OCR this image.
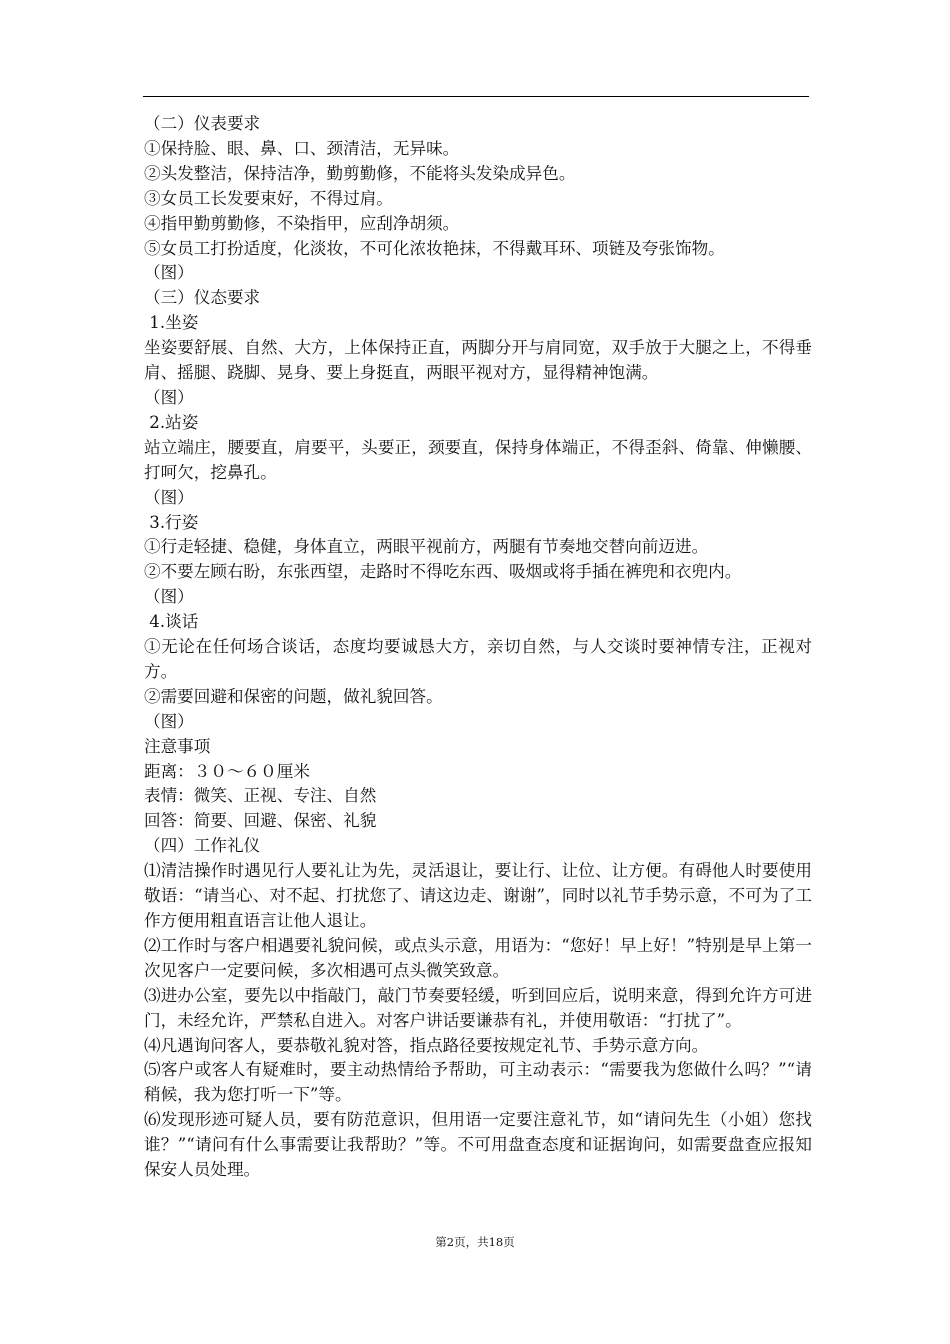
（二）仪表要求

①保持脸、眼、鼻、口、颈清洁，无异味。

②头发整洁，保持洁净，勤剪勤修，不能将头发染成异色。

③女员工长发要束好，不得过肩。

④指甲勤剪勤修，不染指甲，应刮净胡须。

⑤女员工打扮适度，化淡妆，不可化浓妆艳抹，不得戴耳环、项链及夸张饰物。

（图）

（三）仪态要求

1.坐姿

坐姿要舒展、自然、大方，上体保持正直，两脚分开与肩同宽，双手放于大腿之上，不得垂肩、摇腿、跷脚、晃身、要上身挺直，两眼平视对方，显得精神饱满。

（图）

2.站姿

站立端庄，腰要直，肩要平，头要正，颈要直，保持身体端正，不得歪斜、倚靠、伸懒腰、打呵欠，挖鼻孔。

（图）

3.行姿

①行走轻捷、稳健，身体直立，两眼平视前方，两腿有节奏地交替向前迈进。

②不要左顾右盼，东张西望，走路时不得吃东西、吸烟或将手插在裤兜和衣兜内。

（图）

4.谈话

①无论在任何场合谈话，态度均要诚恳大方，亲切自然，与人交谈时要神情专注，正视对方。

②需要回避和保密的问题，做礼貌回答。

（图）

注意事项

距离：３０～６０厘米

表情：微笑、正视、专注、自然

回答：简要、回避、保密、礼貌

（四）工作礼仪

⑴清洁操作时遇见行人要礼让为先，灵活退让，要让行、让位、让方便。有碍他人时要使用敬语：“请当心、对不起、打扰您了、请这边走、谢谢”，同时以礼节手势示意，不可为了工作方便用粗直语言让他人退让。

⑵工作时与客户相遇要礼貌问候，或点头示意，用语为：“您好！早上好！”特别是早上第一次见客户一定要问候，多次相遇可点头微笑致意。

⑶进办公室，要先以中指敲门，敲门节奏要轻缓，听到回应后，说明来意，得到允许方可进门，未经允许，严禁私自进入。对客户讲话要谦恭有礼，并使用敬语：“打扰了”。

⑷凡遇询问客人，要恭敬礼貌对答，指点路径要按规定礼节、手势示意方向。

⑸客户或客人有疑难时，要主动热情给予帮助，可主动表示：“需要我为您做什么吗？”“请稍候，我为您打听一下”等。

⑹发现形迹可疑人员，要有防范意识，但用语一定要注意礼节，如“请问先生（小姐）您找谁？”“请问有什么事需要让我帮助？”等。不可用盘查态度和证据询问，如需要盘查应报知保安人员处理。

第2页，共18页
